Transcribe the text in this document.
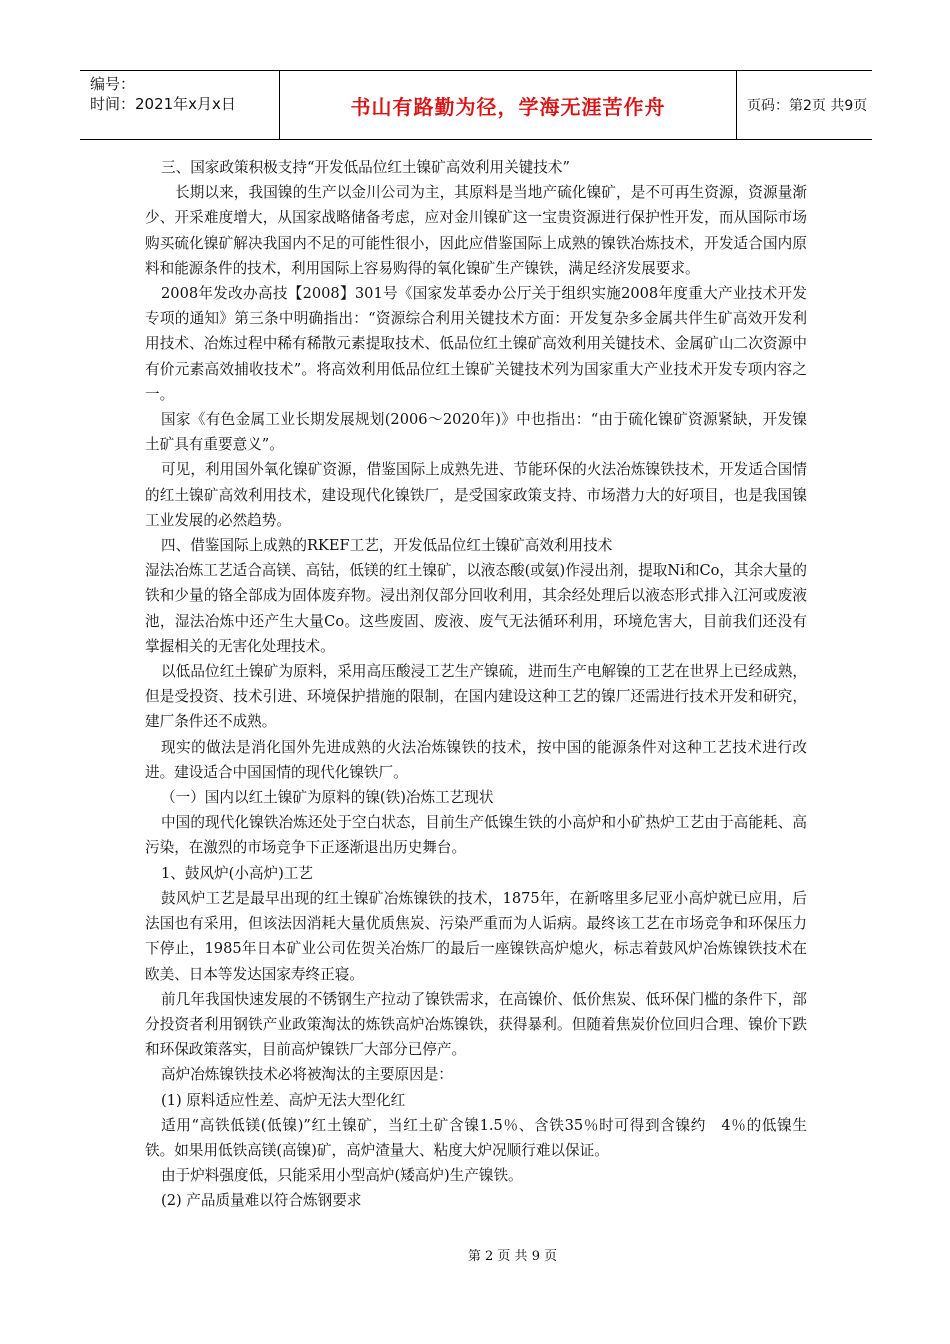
编号：
时间：2021年x月x日	书山有路勤为径，学海无涯苦作舟	页码：第2页 共9页

三、国家政策积极支持“开发低品位红土镍矿高效利用关键技术”

长期以来，我国镍的生产以金川公司为主，其原料是当地产硫化镍矿，是不可再生资源，资源量渐少、开采难度增大，从国家战略储备考虑，应对金川镍矿这一宝贵资源进行保护性开发，而从国际市场购买硫化镍矿解决我国内不足的可能性很小，因此应借鉴国际上成熟的镍铁冶炼技术，开发适合国内原料和能源条件的技术，利用国际上容易购得的氧化镍矿生产镍铁，满足经济发展要求。

2008年发改办高技【2008】301号《国家发革委办公厅关于组织实施2008年度重大产业技术开发专项的通知》第三条中明确指出：“资源综合利用关键技术方面：开发复杂多金属共伴生矿高效开发利用技术、冶炼过程中稀有稀散元素提取技术、低品位红土镍矿高效利用关键技术、金属矿山二次资源中有价元素高效捕收技术”。将高效利用低品位红土镍矿关键技术列为国家重大产业技术开发专项内容之一。

国家《有色金属工业长期发展规划(2006～2020年)》中也指出：“由于硫化镍矿资源紧缺，开发镍土矿具有重要意义”。

可见，利用国外氧化镍矿资源，借鉴国际上成熟先进、节能环保的火法冶炼镍铁技术，开发适合国情的红土镍矿高效利用技术，建设现代化镍铁厂，是受国家政策支持、市场潜力大的好项目，也是我国镍工业发展的必然趋势。

四、借鉴国际上成熟的RKEF工艺，开发低品位红土镍矿高效利用技术

湿法冶炼工艺适合高镁、高钴，低镁的红土镍矿，以液态酸(或氨)作浸出剂，提取Ni和Co，其余大量的铁和少量的铬全部成为固体废弃物。浸出剂仅部分回收利用，其余经处理后以液态形式排入江河或废液池，湿法冶炼中还产生大量Co。这些废固、废液、废气无法循环利用，环境危害大，目前我们还没有掌握相关的无害化处理技术。

以低品位红土镍矿为原料，采用高压酸浸工艺生产镍硫，进而生产电解镍的工艺在世界上已经成熟，但是受投资、技术引进、环境保护措施的限制，在国内建设这种工艺的镍厂还需进行技术开发和研究，建厂条件还不成熟。

现实的做法是消化国外先进成熟的火法冶炼镍铁的技术，按中国的能源条件对这种工艺技术进行改进。建设适合中国国情的现代化镍铁厂。

（一）国内以红土镍矿为原料的镍(铁)冶炼工艺现状

中国的现代化镍铁冶炼还处于空白状态，目前生产低镍生铁的小高炉和小矿热炉工艺由于高能耗、高污染，在激烈的市场竞争下正逐渐退出历史舞台。

1、鼓风炉(小高炉)工艺

鼓风炉工艺是最早出现的红土镍矿冶炼镍铁的技术，1875年，在新喀里多尼亚小高炉就已应用，后法国也有采用，但该法因消耗大量优质焦炭、污染严重而为人诟病。最终该工艺在市场竞争和环保压力下停止，1985年日本矿业公司佐贺关冶炼厂的最后一座镍铁高炉熄火，标志着鼓风炉冶炼镍铁技术在欧美、日本等发达国家寿终正寝。

前几年我国快速发展的不锈钢生产拉动了镍铁需求，在高镍价、低价焦炭、低环保门槛的条件下，部分投资者利用钢铁产业政策淘汰的炼铁高炉冶炼镍铁，获得暴利。但随着焦炭价位回归合理、镍价下跌和环保政策落实，目前高炉镍铁厂大部分已停产。

高炉冶炼镍铁技术必将被淘汰的主要原因是：

(1) 原料适应性差、高炉无法大型化红

适用“高铁低镁(低镍)”红土镍矿，当红土矿含镍1.5％、含铁35％时可得到含镍约　4％的低镍生铁。如果用低铁高镁(高镍)矿，高炉渣量大、粘度大炉况顺行难以保证。

由于炉料强度低，只能采用小型高炉(矮高炉)生产镍铁。

(2) 产品质量难以符合炼钢要求

第 2 页 共 9 页
